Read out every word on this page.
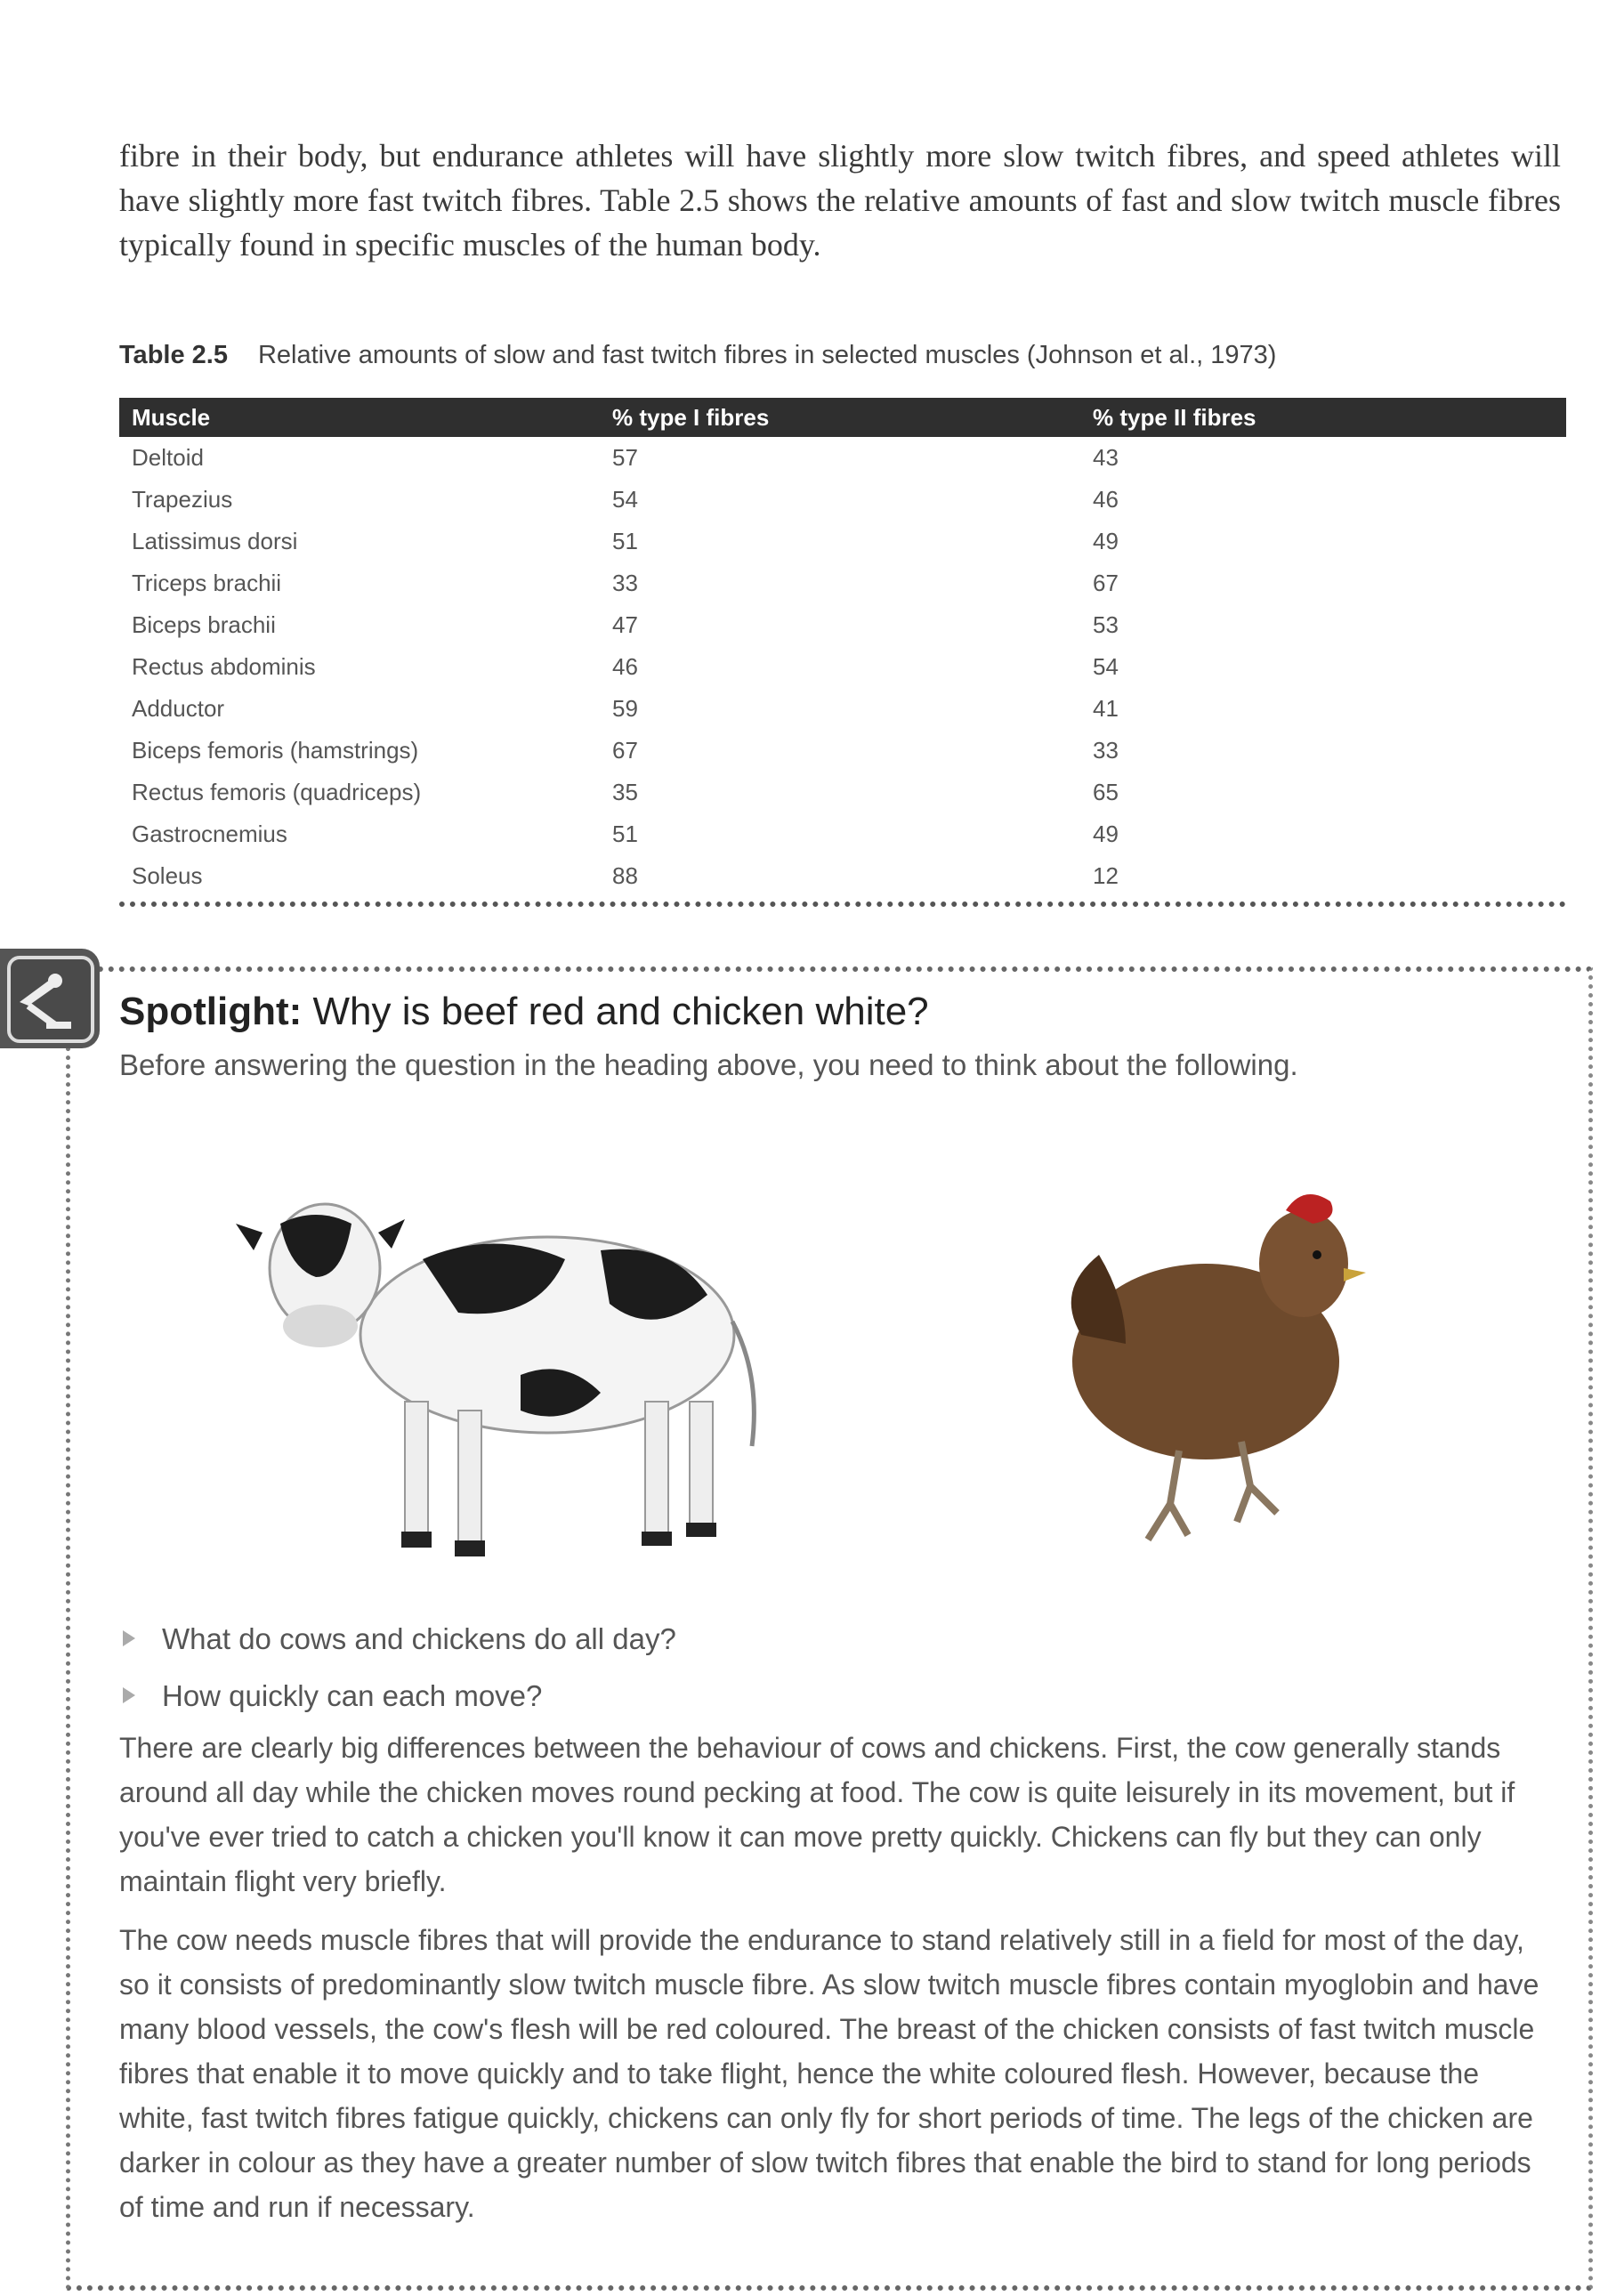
fibre in their body, but endurance athletes will have slightly more slow twitch fibres, and speed athletes will have slightly more fast twitch fibres. Table 2.5 shows the relative amounts of fast and slow twitch muscle fibres typically found in specific muscles of the human body.

Table 2.5 Relative amounts of slow and fast twitch fibres in selected muscles (Johnson et al., 1973)
Muscle	% type I fibres	% type II fibres
Deltoid	57	43
Trapezius	54	46
Latissimus dorsi	51	49
Triceps brachii	33	67
Biceps brachii	47	53
Rectus abdominis	46	54
Adductor	59	41
Biceps femoris (hamstrings)	67	33
Rectus femoris (quadriceps)	35	65
Gastrocnemius	51	49
Soleus	88	12
Spotlight: Why is beef red and chicken white?
Before answering the question in the heading above, you need to think about the following.
What do cows and chickens do all day?
How quickly can each move?

There are clearly big differences between the behaviour of cows and chickens. First, the cow generally stands around all day while the chicken moves round pecking at food. The cow is quite leisurely in its movement, but if you've ever tried to catch a chicken you'll know it can move pretty quickly. Chickens can fly but they can only maintain flight very briefly.

The cow needs muscle fibres that will provide the endurance to stand relatively still in a field for most of the day, so it consists of predominantly slow twitch muscle fibre. As slow twitch muscle fibres contain myoglobin and have many blood vessels, the cow's flesh will be red coloured. The breast of the chicken consists of fast twitch muscle fibres that enable it to move quickly and to take flight, hence the white coloured flesh. However, because the white, fast twitch fibres fatigue quickly, chickens can only fly for short periods of time. The legs of the chicken are darker in colour as they have a greater number of slow twitch fibres that enable the bird to stand for long periods of time and run if necessary.
